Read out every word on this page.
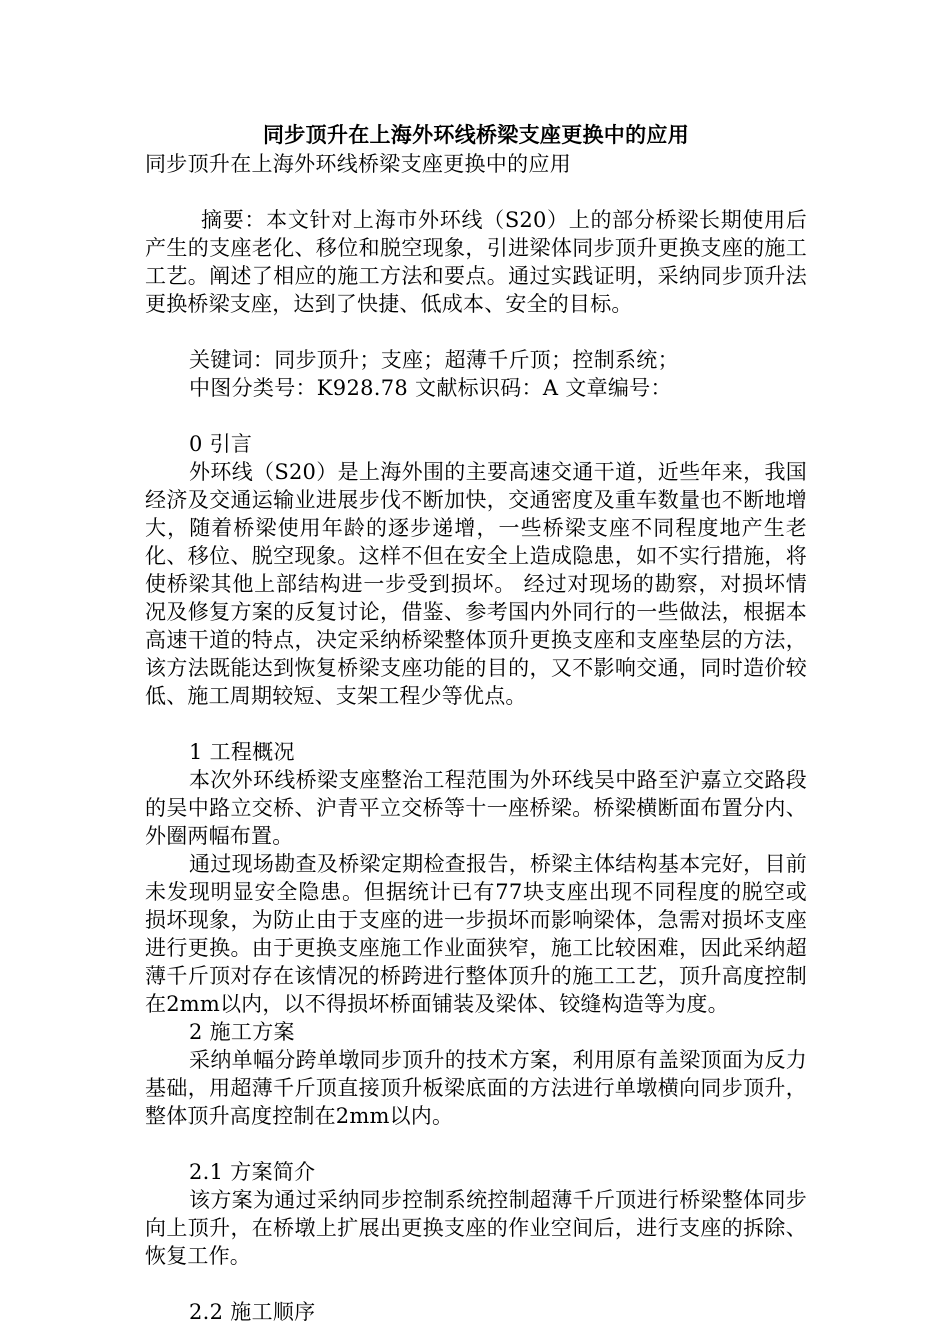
同步顶升在上海外环线桥梁支座更换中的应用

同步顶升在上海外环线桥梁支座更换中的应用

摘要：本文针对上海市外环线（S20）上的部分桥梁长期使用后产生的支座老化、移位和脱空现象，引进梁体同步顶升更换支座的施工工艺。阐述了相应的施工方法和要点。通过实践证明，采纳同步顶升法更换桥梁支座，达到了快捷、低成本、安全的目标。

关键词：同步顶升；支座；超薄千斤顶；控制系统；

中图分类号：K928.78 文献标识码：A 文章编号：

0 引言

外环线（S20）是上海外围的主要高速交通干道，近些年来，我国经济及交通运输业进展步伐不断加快，交通密度及重车数量也不断地增大，随着桥梁使用年龄的逐步递增，一些桥梁支座不同程度地产生老化、移位、脱空现象。这样不但在安全上造成隐患，如不实行措施，将使桥梁其他上部结构进一步受到损坏。 经过对现场的勘察，对损坏情况及修复方案的反复讨论，借鉴、参考国内外同行的一些做法，根据本高速干道的特点，决定采纳桥梁整体顶升更换支座和支座垫层的方法，该方法既能达到恢复桥梁支座功能的目的，又不影响交通，同时造价较低、施工周期较短、支架工程少等优点。

1 工程概况

本次外环线桥梁支座整治工程范围为外环线吴中路至沪嘉立交路段的吴中路立交桥、沪青平立交桥等十一座桥梁。桥梁横断面布置分内、外圈两幅布置。

通过现场勘查及桥梁定期检查报告，桥梁主体结构基本完好，目前未发现明显安全隐患。但据统计已有77块支座出现不同程度的脱空或损坏现象，为防止由于支座的进一步损坏而影响梁体，急需对损坏支座进行更换。由于更换支座施工作业面狭窄，施工比较困难，因此采纳超薄千斤顶对存在该情况的桥跨进行整体顶升的施工工艺，顶升高度控制在2mm以内，以不得损坏桥面铺装及梁体、铰缝构造等为度。

2 施工方案

采纳单幅分跨单墩同步顶升的技术方案，利用原有盖梁顶面为反力基础，用超薄千斤顶直接顶升板梁底面的方法进行单墩横向同步顶升，整体顶升高度控制在2mm以内。

2.1 方案简介

该方案为通过采纳同步控制系统控制超薄千斤顶进行桥梁整体同步向上顶升，在桥墩上扩展出更换支座的作业空间后，进行支座的拆除、恢复工作。

2.2 施工顺序
